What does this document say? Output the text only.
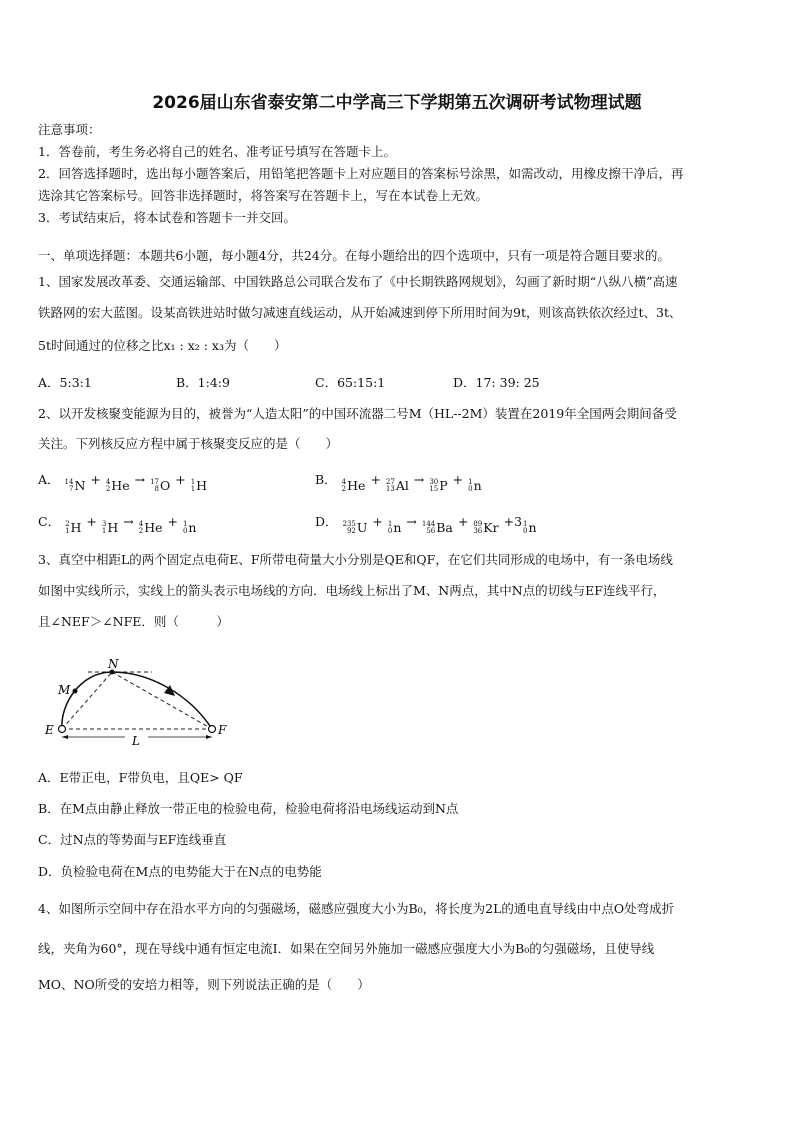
2026届山东省泰安第二中学高三下学期第五次调研考试物理试题
注意事项：
1．答卷前，考生务必将自己的姓名、准考证号填写在答题卡上。
2．回答选择题时，选出每小题答案后，用铅笔把答题卡上对应题目的答案标号涂黑，如需改动，用橡皮擦干净后，再
选涂其它答案标号。回答非选择题时，将答案写在答题卡上，写在本试卷上无效。
3．考试结束后，将本试卷和答题卡一并交回。
一、单项选择题：本题共6小题，每小题4分，共24分。在每小题给出的四个选项中，只有一项是符合题目要求的。
1、国家发展改革委、交通运输部、中国铁路总公司联合发布了《中长期铁路网规划》，勾画了新时期“八纵八横”高速
铁路网的宏大蓝图。设某高铁进站时做匀减速直线运动，从开始减速到停下所用时间为9t，则该高铁依次经过t、3t、
5t时间通过的位移之比x₁ : x₂ : x₃为（　　）
A．5:3:1	B．1:4:9	C．65:15:1	D．17: 39: 25
2、以开发核聚变能源为目的，被誉为“人造太阳”的中国环流器二号M（HL--2M）装置在2019年全国两会期间备受
关注。下列核反应方程中属于核聚变反应的是（　　）
A． 14
7 N + 4
2 He → 17
8 O + 1
1 H	B． 4
2 He + 27
13 Al → 30
15 P + 1
0 n
C． 2
1 H + 3
1 H → 4
2 He + 1
0 n	D． 235
92 U + 1
0 n → 144
56 Ba + 89
36 Kr +3 1
0 n
3、真空中相距L的两个固定点电荷E、F所带电荷量大小分别是QE和QF，在它们共同形成的电场中，有一条电场线
如图中实线所示，实线上的箭头表示电场线的方向．电场线上标出了M、N两点，其中N点的切线与EF连线平行，
且∠NEF＞∠NFE．则（　　　）
N
M
E	F
L
A．E带正电，F带负电，且QE> QF
B．在M点由静止释放一带正电的检验电荷，检验电荷将沿电场线运动到N点
C．过N点的等势面与EF连线垂直
D．负检验电荷在M点的电势能大于在N点的电势能
4、如图所示空间中存在沿水平方向的匀强磁场，磁感应强度大小为B₀，将长度为2L的通电直导线由中点O处弯成折
线，夹角为60°，现在导线中通有恒定电流I．如果在空间另外施加一磁感应强度大小为B₀的匀强磁场，且使导线
MO、NO所受的安培力相等，则下列说法正确的是（　　）
